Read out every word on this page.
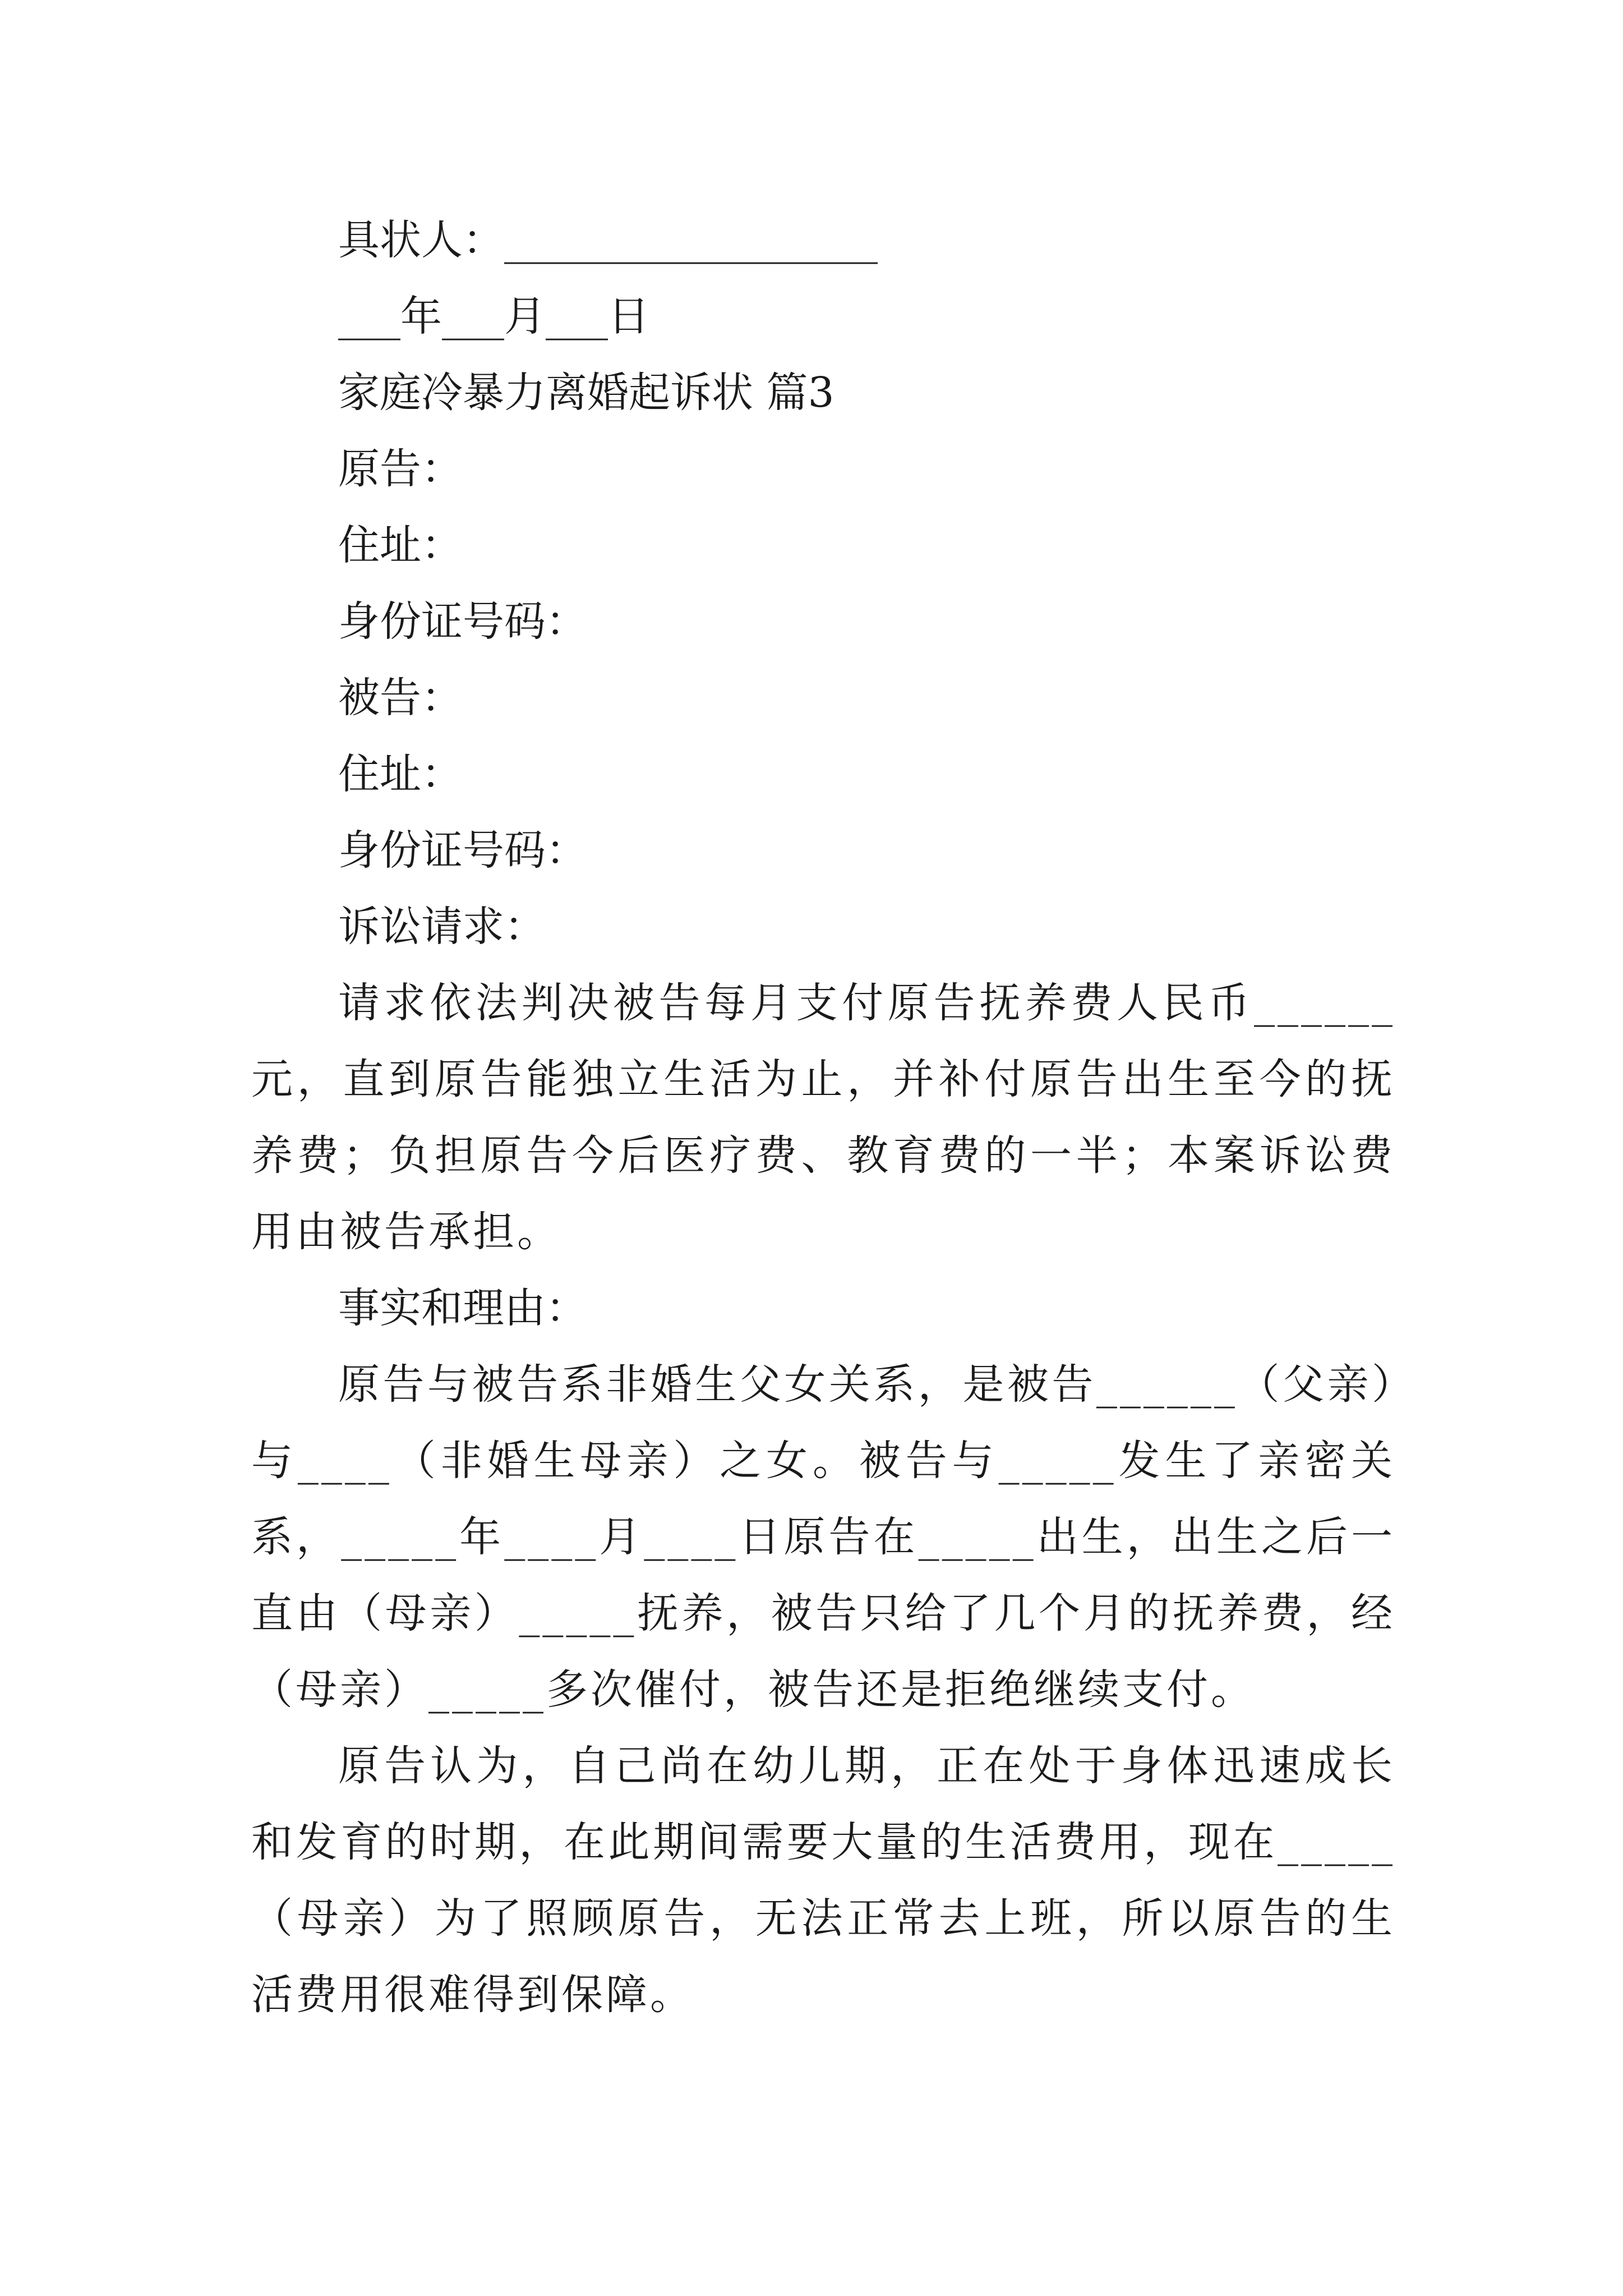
具状人：__________________
___年___月___日
家庭冷暴力离婚起诉状 篇3
原告：
住址：
身份证号码：
被告：
住址：
身份证号码：
诉讼请求：
请求依法判决被告每月支付原告抚养费人民币______元，直到原告能独立生活为止，并补付原告出生至今的抚养费；负担原告今后医疗费、教育费的一半；本案诉讼费用由被告承担。
事实和理由：
原告与被告系非婚生父女关系，是被告______（父亲）与____（非婚生母亲）之女。被告与_____发生了亲密关系，_____年____月____日原告在_____出生，出生之后一直由（母亲）_____抚养，被告只给了几个月的抚养费，经（母亲）_____多次催付，被告还是拒绝继续支付。
原告认为，自己尚在幼儿期，正在处于身体迅速成长和发育的时期，在此期间需要大量的生活费用，现在_____（母亲）为了照顾原告，无法正常去上班，所以原告的生活费用很难得到保障。
